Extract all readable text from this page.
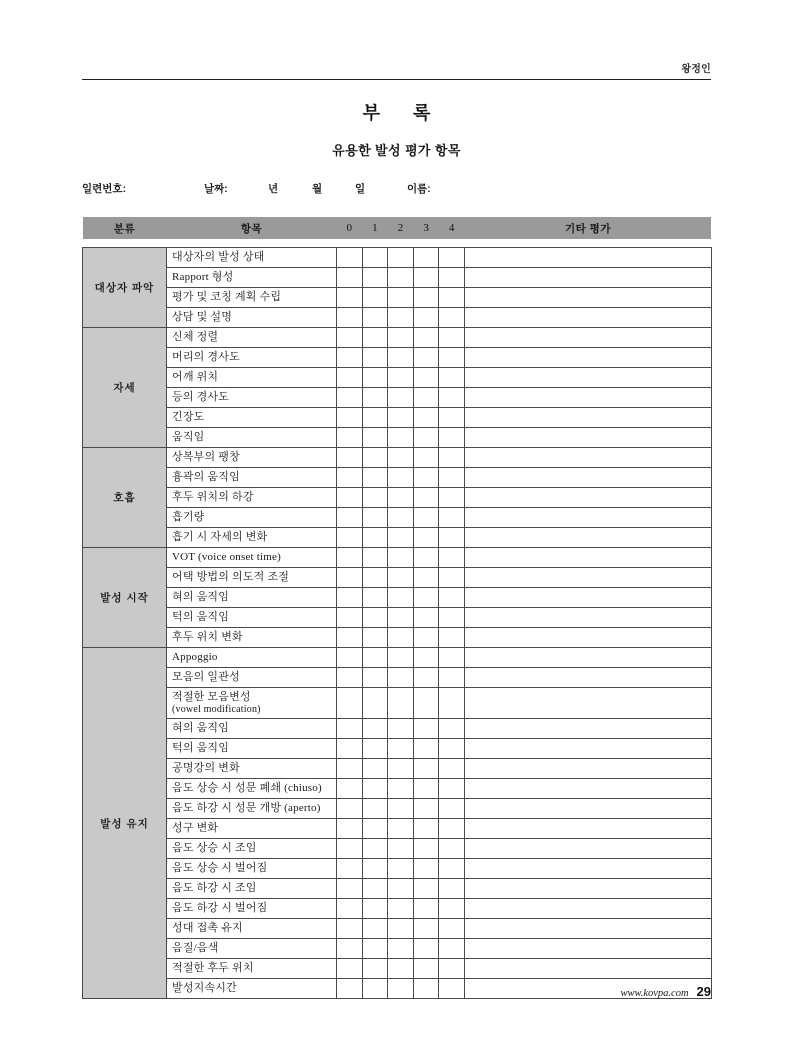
왕정인
부 록
유용한 발성 평가 항목
일련번호:	날짜:	년	월	일	이름:
분류	항목	0	1	2	3	4	기타 평가

대상자 파악	대상자의 발성 상태						
	Rapport 형성						
	평가 및 코칭 계획 수립						
	상담 및 설명						
자세	신체 정렬						
	머리의 경사도						
	어깨 위치						
	등의 경사도						
	긴장도						
	움직임						
호흡	상복부의 팽창						
	흉곽의 움직임						
	후두 위치의 하강						
	흡기량						
	흡기 시 자세의 변화						
발성 시작	VOT (voice onset time)						
	어택 방법의 의도적 조절						
	혀의 움직임						
	턱의 움직임						
	후두 위치 변화						
발성 유지	Appoggio						
	모음의 일관성						
	적절한 모음변성
(vowel modification)						

	혀의 움직임						
	턱의 움직임						
	공명강의 변화						
	음도 상승 시 성문 폐쇄 (chiuso)						
	음도 하강 시 성문 개방 (aperto)						
	성구 변화						
	음도 상승 시 조임						
	음도 상승 시 벌어짐						
	음도 하강 시 조임						
	음도 하강 시 벌어짐						
	성대 접촉 유지						
	음질/음색						
	적절한 후두 위치						
	발성지속시간							www.kovpa.com 29
